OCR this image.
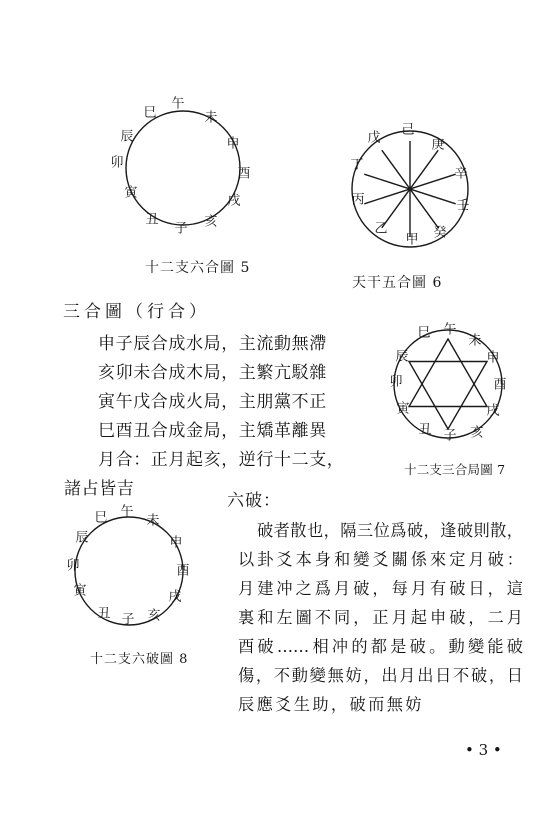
巳
午
未
申
酉
戌
亥
子
丑
寅
卯
辰
十二支六合圖 5
戊
己
庚
辛
壬
癸
甲
乙
丙
丁
天干五合圖 6
三合圖（行合）
申子辰合成水局，主流動無滯
亥卯未合成木局，主繁亢駁雜
寅午戊合成火局，主朋黨不正
巳酉丑合成金局，主矯革離異
月合：正月起亥，逆行十二支，
諸占皆吉
巳 午
未
申
酉
戌
亥
子
丑
寅
卯
辰
十二支三合局圖 7
六破：
破者散也，隔三位爲破，逢破則散，
以卦爻本身和變爻關係來定月破：
月建冲之爲月破，每月有破日，這
裏和左圖不同，正月起申破，二月
酉破……相冲的都是破。動變能破
傷，不動變無妨，出月出日不破，日
辰應爻生助，破而無妨
巳 午
未
申
酉
戌
亥
子
丑
寅
卯
辰
十二支六破圖 8
• 3 •
